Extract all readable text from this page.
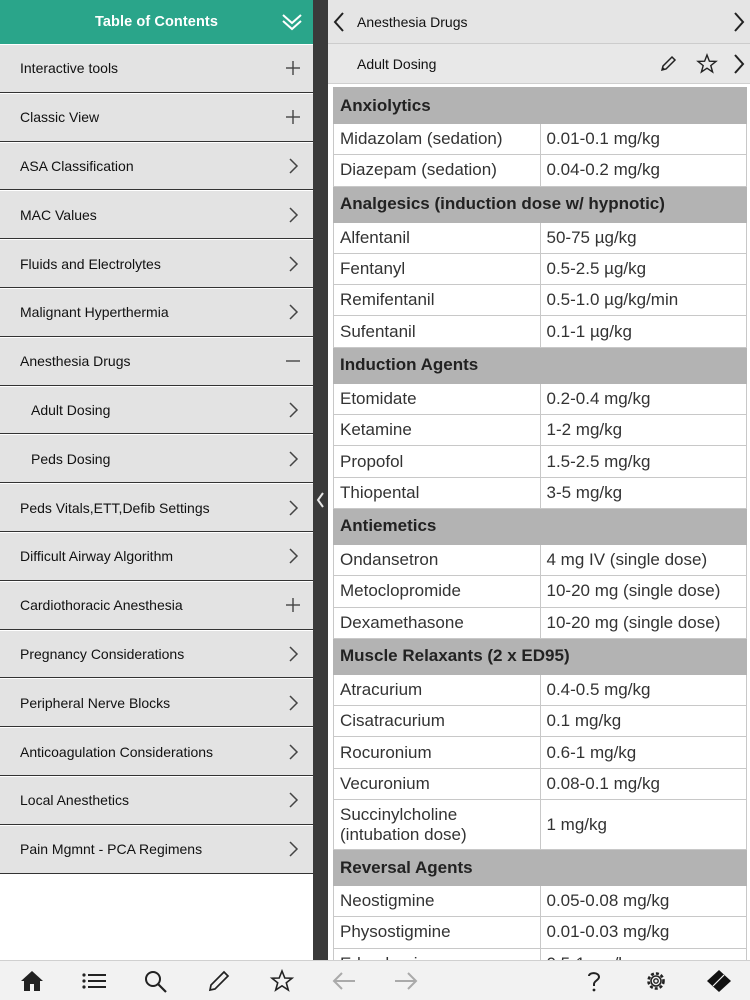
Table of Contents
Interactive tools
Classic View
ASA Classification
MAC Values
Fluids and Electrolytes
Malignant Hyperthermia
Anesthesia Drugs
Adult Dosing
Peds Dosing
Peds Vitals,ETT,Defib Settings
Difficult Airway Algorithm
Cardiothoracic Anesthesia
Pregnancy Considerations
Peripheral Nerve Blocks
Anticoagulation Considerations
Local Anesthetics
Pain Mgmnt - PCA Regimens
Anesthesia Drugs
Adult Dosing
Anxiolytics	
Midazolam (sedation)	0.01-0.1 mg/kg
Diazepam (sedation)	0.04-0.2 mg/kg
Analgesics (induction dose w/ hypnotic)	
Alfentanil	50-75 µg/kg
Fentanyl	0.5-2.5 µg/kg
Remifentanil	0.5-1.0 µg/kg/min
Sufentanil	0.1-1 µg/kg
Induction Agents	
Etomidate	0.2-0.4 mg/kg
Ketamine	1-2 mg/kg
Propofol	1.5-2.5 mg/kg
Thiopental	3-5 mg/kg
Antiemetics	
Ondansetron	4 mg IV (single dose)
Metoclopromide	10-20 mg (single dose)
Dexamethasone	10-20 mg (single dose)
Muscle Relaxants (2 x ED95)	
Atracurium	0.4-0.5 mg/kg
Cisatracurium	0.1 mg/kg
Rocuronium	0.6-1 mg/kg
Vecuronium	0.08-0.1 mg/kg
Succinylcholine (intubation dose)	1 mg/kg
Reversal Agents	
Neostigmine	0.05-0.08 mg/kg
Physostigmine	0.01-0.03 mg/kg
